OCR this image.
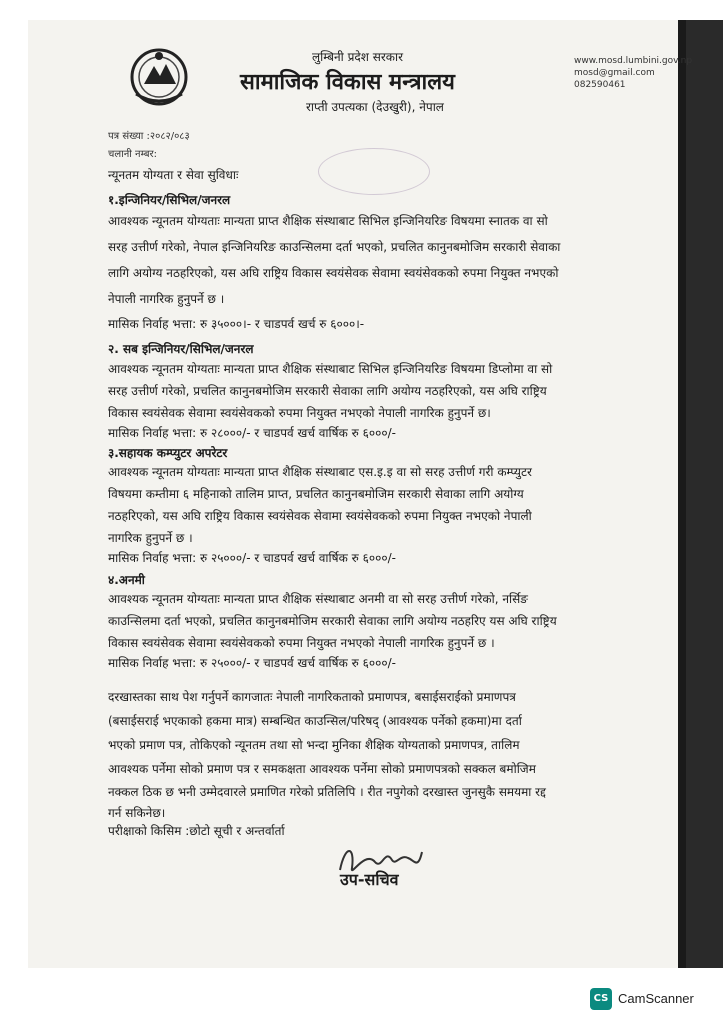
लुम्बिनी प्रदेश सरकार
सामाजिक विकास मन्त्रालय
राप्ती उपत्यका (देउखुरी), नेपाल
www.mosd.lumbini.gov.np
mosd@gmail.com
082590461
पत्र संख्या :२०८२/०८३
चलानी नम्बर:
न्यूनतम योग्यता र सेवा सुविधाः
१.इन्जिनियर/सिभिल/जनरल
आवश्यक न्यूनतम योग्यताः मान्यता प्राप्त शैक्षिक संस्थाबाट सिभिल इन्जिनियरिङ विषयमा स्नातक वा सो
सरह उत्तीर्ण गरेको, नेपाल इन्जिनियरिङ काउन्सिलमा दर्ता भएको, प्रचलित कानुनबमोजिम सरकारी सेवाका
लागि अयोग्य नठहरिएको, यस अघि राष्ट्रिय विकास स्वयंसेवक सेवामा स्वयंसेवकको रुपमा नियुक्त नभएको
नेपाली नागरिक हुनुपर्ने छ ।
मासिक निर्वाह भत्ता: रु ३५०००।- र चाडपर्व खर्च रु ६०००।-
२. सब इन्जिनियर/सिभिल/जनरल
आवश्यक न्यूनतम योग्यताः मान्यता प्राप्त शैक्षिक संस्थाबाट सिभिल इन्जिनियरिङ विषयमा डिप्लोमा वा सो
सरह उत्तीर्ण गरेको, प्रचलित कानुनबमोजिम सरकारी सेवाका लागि अयोग्य नठहरिएको, यस अघि राष्ट्रिय
विकास स्वयंसेवक सेवामा स्वयंसेवकको रुपमा नियुक्त नभएको नेपाली नागरिक हुनुपर्ने छ।
मासिक निर्वाह भत्ता: रु २८०००/- र चाडपर्व खर्च वार्षिक रु ६०००/-
३.सहायक कम्प्युटर अपरेटर
आवश्यक न्यूनतम योग्यताः मान्यता प्राप्त शैक्षिक संस्थाबाट एस.इ.इ वा सो सरह उत्तीर्ण गरी कम्प्युटर
विषयमा कम्तीमा ६ महिनाको तालिम प्राप्त, प्रचलित कानुनबमोजिम सरकारी सेवाका लागि अयोग्य
नठहरिएको, यस अघि राष्ट्रिय विकास स्वयंसेवक सेवामा स्वयंसेवकको रुपमा नियुक्त नभएको नेपाली
नागरिक हुनुपर्ने छ ।
मासिक निर्वाह भत्ता: रु २५०००/- र चाडपर्व खर्च वार्षिक रु ६०००/-
४.अनमी
आवश्यक न्यूनतम योग्यताः मान्यता प्राप्त शैक्षिक संस्थाबाट अनमी वा सो सरह उत्तीर्ण गरेको, नर्सिङ
काउन्सिलमा दर्ता भएको, प्रचलित कानुनबमोजिम सरकारी सेवाका लागि अयोग्य नठहरिए यस अघि राष्ट्रिय
विकास स्वयंसेवक सेवामा स्वयंसेवकको रुपमा नियुक्त नभएको नेपाली नागरिक हुनुपर्ने छ ।
मासिक निर्वाह भत्ता: रु २५०००/- र चाडपर्व खर्च वार्षिक रु ६०००/-
दरखास्तका साथ पेश गर्नुपर्ने कागजातः नेपाली नागरिकताको प्रमाणपत्र, बसाईसराईको प्रमाणपत्र
(बसाईसराई भएकाको हकमा मात्र) सम्बन्धित काउन्सिल/परिषद् (आवश्यक पर्नेको हकमा)मा दर्ता
भएको प्रमाण पत्र, तोकिएको न्यूनतम तथा सो भन्दा मुनिका शैक्षिक योग्यताको प्रमाणपत्र, तालिम
आवश्यक पर्नेमा सोको प्रमाण पत्र र समकक्षता आवश्यक पर्नेमा सोको प्रमाणपत्रको सक्कल बमोजिम
नक्कल ठिक छ भनी उम्मेदवारले प्रमाणित गरेको प्रतिलिपि । रीत नपुगेको दरखास्त जुनसुकै समयमा रद्द
गर्न सकिनेछ।
परीक्षाको किसिम :छोटो सूची र अन्तर्वार्ता
उप-सचिव
CS CamScanner
